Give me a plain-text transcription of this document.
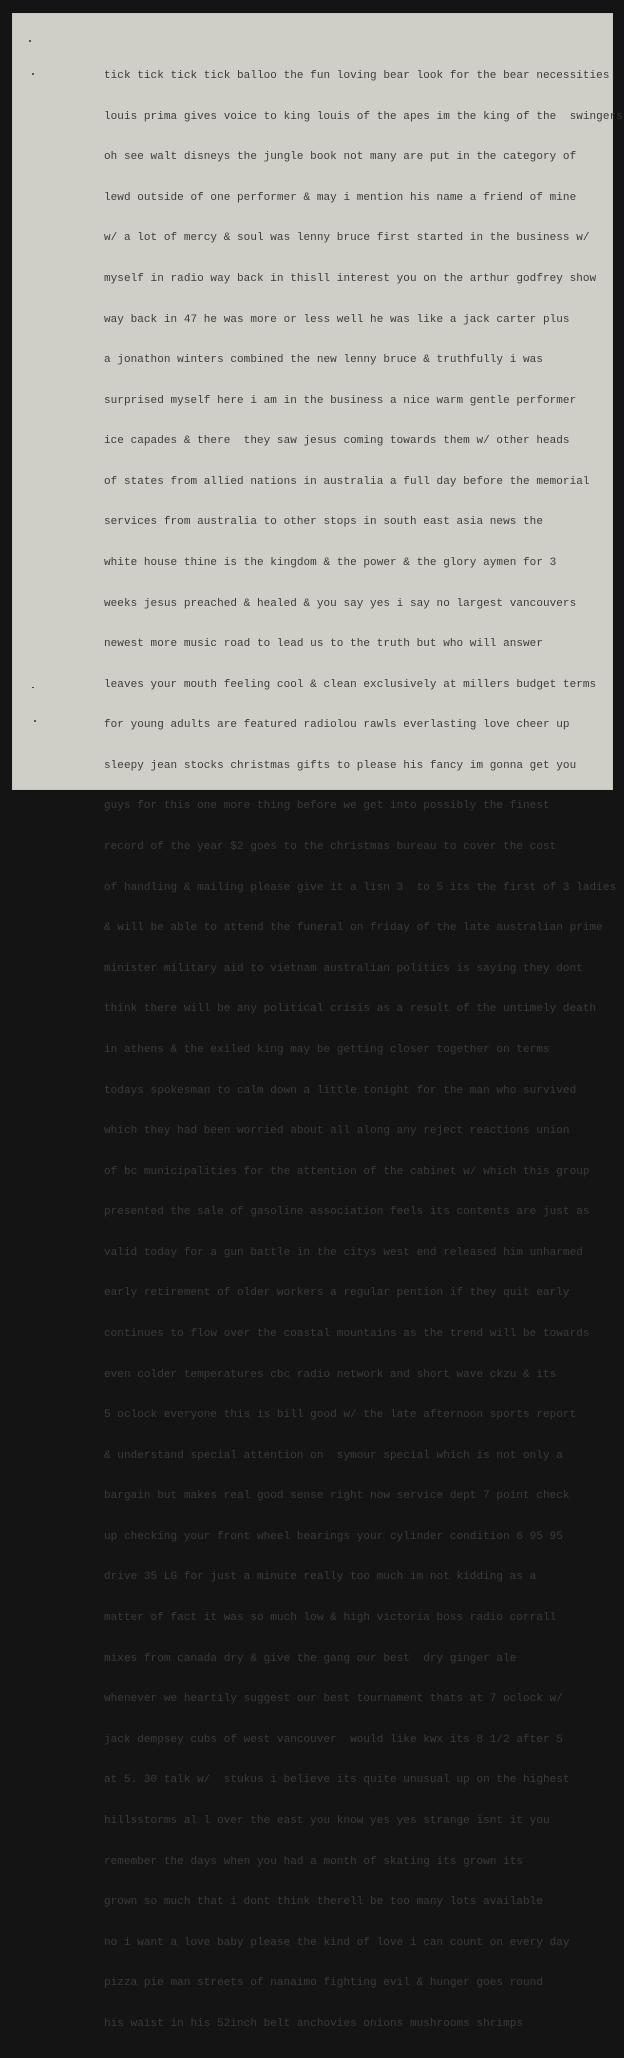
tick tick tick tick balloo the fun loving bear look for the bear necessities

louis prima gives voice to king louis of the apes im the king of the  swingers

oh see walt disneys the jungle book not many are put in the category of

lewd outside of one performer & may i mention his name a friend of mine

w/ a lot of mercy & soul was lenny bruce first started in the business w/

myself in radio way back in thisll interest you on the arthur godfrey show

way back in 47 he was more or less well he was like a jack carter plus

a jonathon winters combined the new lenny bruce & truthfully i was

surprised myself here i am in the business a nice warm gentle performer

ice capades & there  they saw jesus coming towards them w/ other heads

of states from allied nations in australia a full day before the memorial

services from australia to other stops in south east asia news the

white house thine is the kingdom & the power & the glory aymen for 3

weeks jesus preached & healed & you say yes i say no largest vancouvers

newest more music road to lead us to the truth but who will answer

leaves your mouth feeling cool & clean exclusively at millers budget terms

for young adults are featured radiolou rawls everlasting love cheer up

sleepy jean stocks christmas gifts to please his fancy im gonna get you

guys for this one more thing before we get into possibly the finest

record of the year $2 goes to the christmas bureau to cover the cost

of handling & mailing please give it a lisn 3  to 5 its the first of 3 ladies

& will be able to attend the funeral on friday of the late australian prime

minister military aid to vietnam australian politics is saying they dont

think there will be any political crisis as a result of the untimely death

in athens & the exiled king may be getting closer together on terms

todays spokesman to calm down a little tonight for the man who survived

which they had been worried about all along any reject reactions union

of bc municipalities for the attention of the cabinet w/ which this group

presented the sale of gasoline association feels its contents are just as

valid today for a gun battle in the citys west end released him unharmed

early retirement of older workers a regular pention if they quit early

continues to flow over the coastal mountains as the trend will be towards

even colder temperatures cbc radio network and short wave ckzu & its

5 oclock everyone this is bill good w/ the late afternoon sports report

& understand special attention on  symour special which is not only a

bargain but makes real good sense right now service dept 7 point check

up checking your front wheel bearings your cylinder condition 6 95 95

drive 35 LG for just a minute really too much im not kidding as a

matter of fact it was so much low & high victoria boss radio corrall

mixes from canada dry & give the gang our best  dry ginger ale

whenever we heartily suggest our best tournament thats at 7 oclock w/

jack dempsey cubs of west vancouver  would like kwx its 8 1/2 after 5

at 5. 30 talk w/  stukus i believe its quite unusual up on the highest

hillsstorms al l over the east you know yes yes strange isnt it you

remember the days when you had a month of skating its grown its

grown so much that i dont think therell be too many lots available

no i want a love baby please the kind of love i can count on every day

pizza pie man streets of nanaimo fighting evil & hunger goes round

his waist in his 52inch belt anchovies onions mushrooms shrimps
